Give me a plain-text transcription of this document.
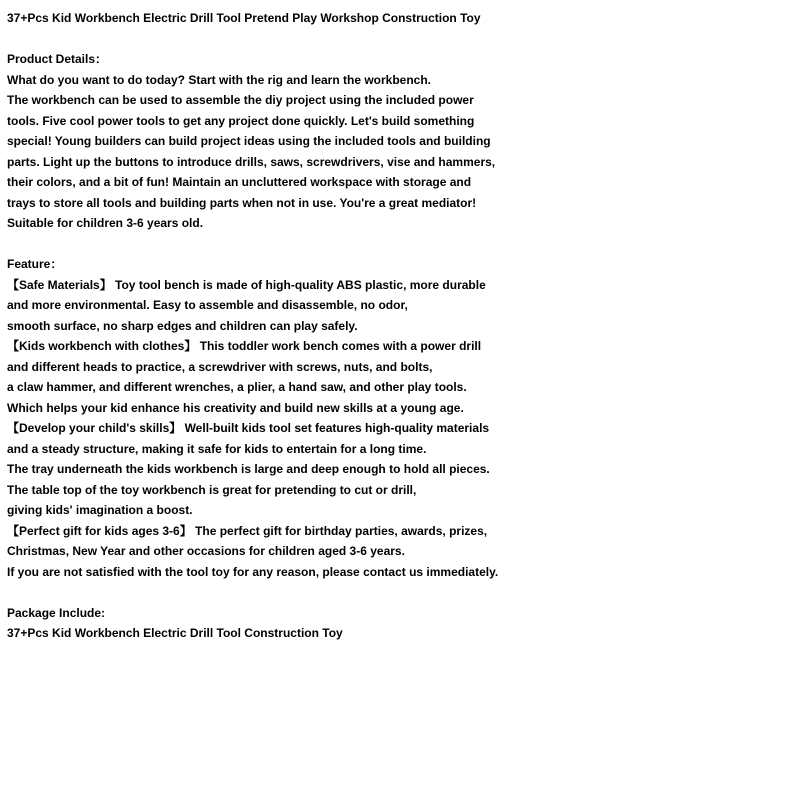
37+Pcs Kid Workbench Electric Drill Tool Pretend Play Workshop Construction Toy
Product Details：
What do you want to do today? Start with the rig and learn the workbench.
The workbench can be used to assemble the diy project using the included power
tools. Five cool power tools to get any project done quickly. Let's build something
special! Young builders can build project ideas using the included tools and building
parts. Light up the buttons to introduce drills, saws, screwdrivers, vise and hammers,
their colors, and a bit of fun! Maintain an uncluttered workspace with storage and
trays to store all tools and building parts when not in use. You're a great mediator!
Suitable for children 3-6 years old.
Feature：
【Safe Materials】 Toy tool bench is made of high-quality ABS plastic, more durable
and more environmental. Easy to assemble and disassemble, no odor,
smooth surface, no sharp edges and children can play safely.
【Kids workbench with clothes】 This toddler work bench comes with a power drill
and different heads to practice, a screwdriver with screws, nuts, and bolts,
a claw hammer, and different wrenches, a plier, a hand saw, and other play tools.
Which helps your kid enhance his creativity and build new skills at a young age.
【Develop your child's skills】 Well-built kids tool set features high-quality materials
and a steady structure, making it safe for kids to entertain for a long time.
The tray underneath the kids workbench is large and deep enough to hold all pieces.
The table top of the toy workbench is great for pretending to cut or drill,
giving kids' imagination a boost.
【Perfect gift for kids ages 3-6】 The perfect gift for birthday parties, awards, prizes,
Christmas, New Year and other occasions for children aged 3-6 years.
If you are not satisfied with the tool toy for any reason, please contact us immediately.
Package Include:
37+Pcs Kid Workbench Electric Drill Tool Construction Toy
